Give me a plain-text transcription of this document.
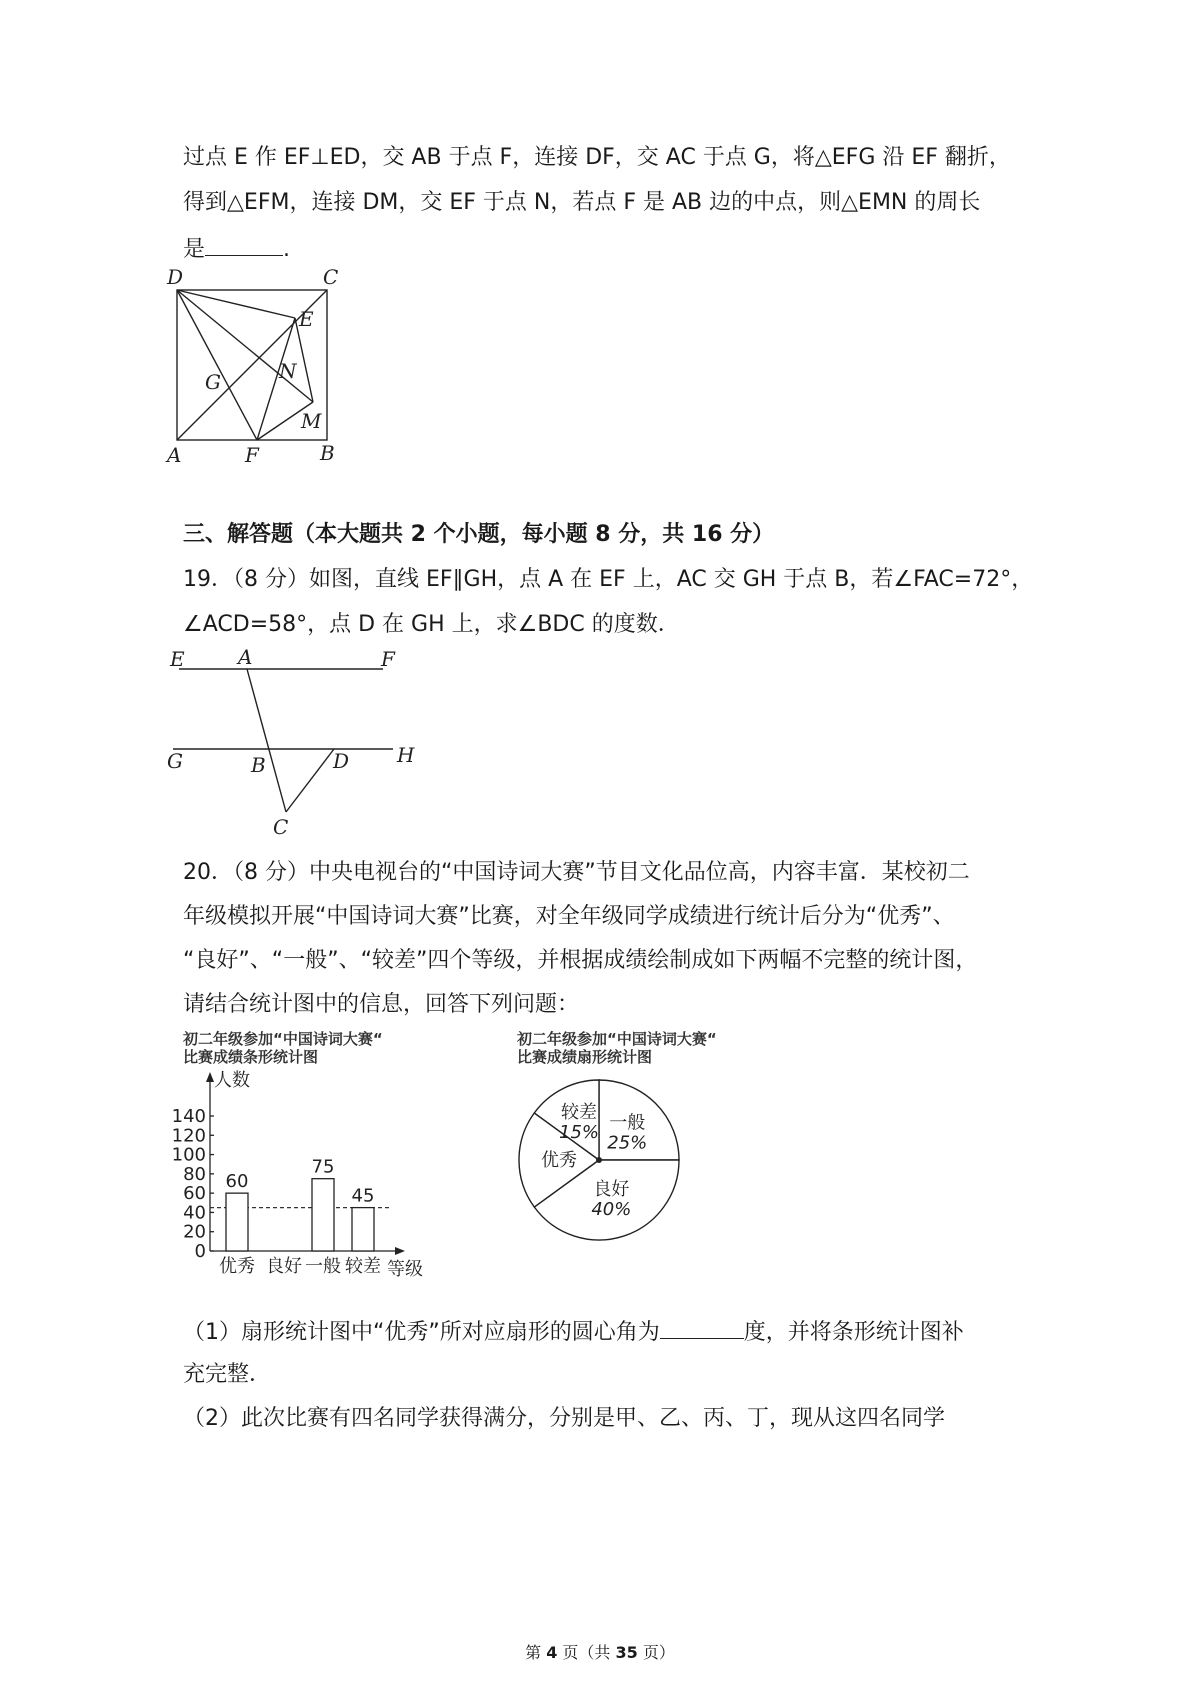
过点 E 作 EF⊥ED，交 AB 于点 F，连接 DF，交 AC 于点 G，将△EFG 沿 EF 翻折，
得到△EFM，连接 DM，交 EF 于点 N，若点 F 是 AB 边的中点，则△EMN 的周长
是	.
D	C
E
G	N
M
A	F	B
三、解答题（本大题共 2 个小题，每小题 8 分，共 16 分）
19．（8 分）如图，直线 EF∥GH，点 A 在 EF 上，AC 交 GH 于点 B，若∠FAC=72°，
∠ACD=58°，点 D 在 GH 上，求∠BDC 的度数．
E	A	F
G	B	D H
C
20．（8 分）中央电视台的“中国诗词大赛”节目文化品位高，内容丰富．某校初二
年级模拟开展“中国诗词大赛”比赛，对全年级同学成绩进行统计后分为“优秀”、
“良好”、“一般”、“较差”四个等级，并根据成绩绘制成如下两幅不完整的统计图，
请结合统计图中的信息，回答下列问题：
初二年级参加“中国诗词大赛“
比赛成绩条形统计图
人数
等级
0
20
40
60
80
100
120
140
60
优秀 良好
75
一般
45
较差
初二年级参加“中国诗词大赛“
比赛成绩扇形统计图
一般
25%
良好
40%
优秀
较差
15%
（1）扇形统计图中“优秀”所对应扇形的圆心角为	度，并将条形统计图补
充完整．
（2）此次比赛有四名同学获得满分，分别是甲、乙、丙、丁，现从这四名同学
第 4 页（共 35 页）
